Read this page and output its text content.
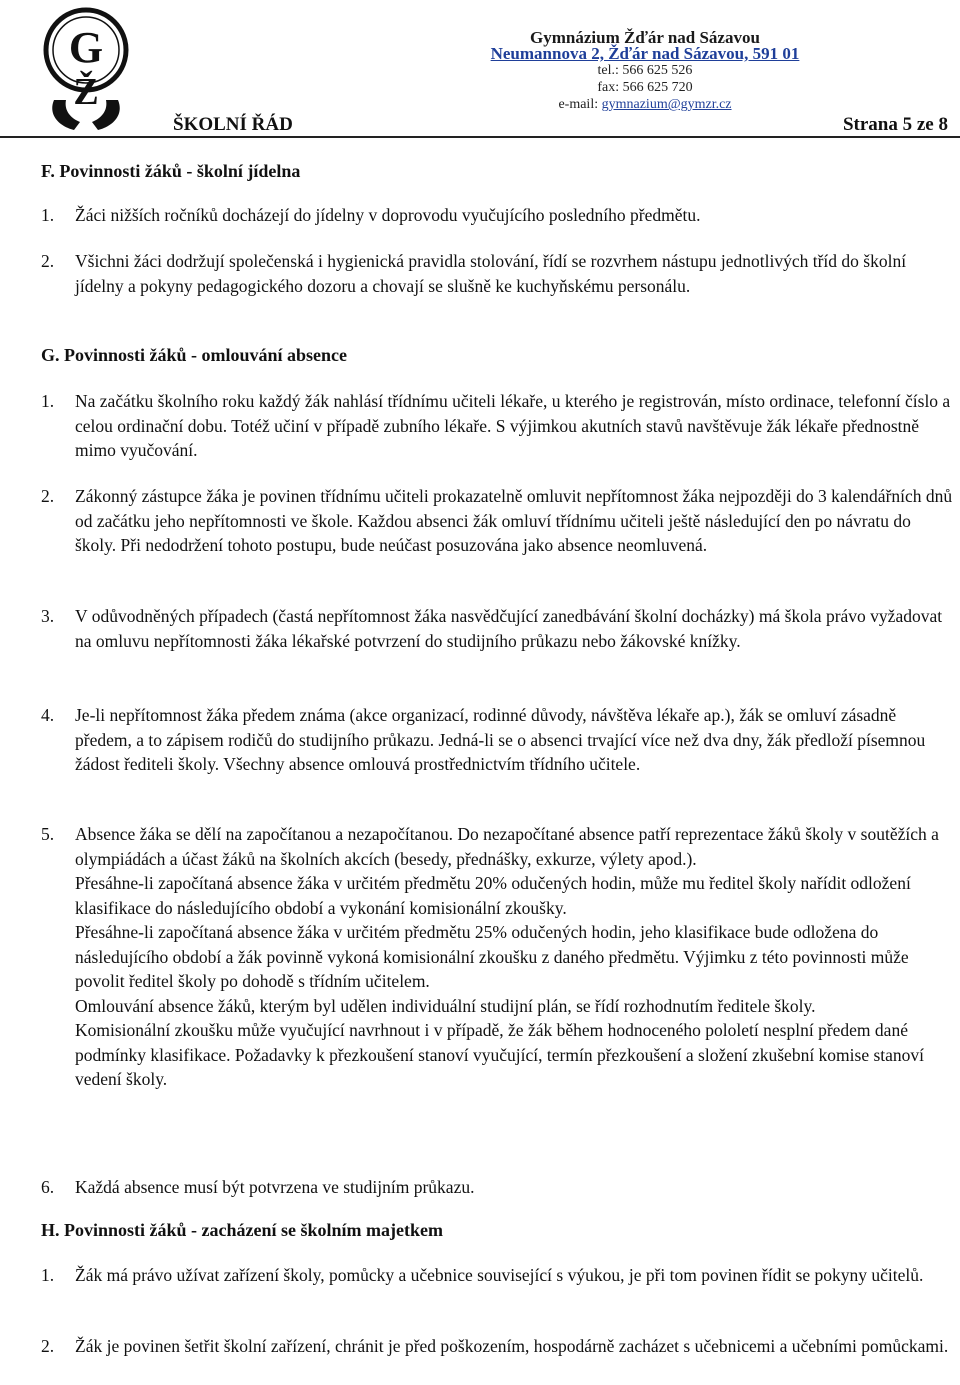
G
Ž
Gymnázium Žďár nad Sázavou
Neumannova 2, Žďár nad Sázavou, 591 01
tel.: 566 625 526
fax: 566 625 720
e-mail: gymnazium@gymzr.cz
ŠKOLNÍ ŘÁD	Strana 5 ze 8
F. Povinnosti žáků - školní jídelna
1. Žáci nižších ročníků docházejí do jídelny v doprovodu vyučujícího posledního předmětu.
2. Všichni žáci dodržují společenská i hygienická pravidla stolování, řídí se rozvrhem nástupu jednotlivých tříd do školní jídelny a pokyny pedagogického dozoru a chovají se slušně ke kuchyňskému personálu.
G. Povinnosti žáků - omlouvání absence
1. Na začátku školního roku každý žák nahlásí třídnímu učiteli lékaře, u kterého je registrován, místo ordinace, telefonní číslo a celou ordinační dobu. Totéž učiní v případě zubního lékaře. S výjimkou akutních stavů navštěvuje žák lékaře přednostně mimo vyučování.
2. Zákonný zástupce žáka je povinen třídnímu učiteli prokazatelně omluvit nepřítomnost žáka nejpozději do 3 kalendářních dnů od začátku jeho nepřítomnosti ve škole. Každou absenci žák omluví třídnímu učiteli ještě následující den po návratu do školy. Při nedodržení tohoto postupu, bude neúčast posuzována jako absence neomluvená.
3. V odůvodněných případech (častá nepřítomnost žáka nasvědčující zanedbávání školní docházky) má škola právo vyžadovat na omluvu nepřítomnosti žáka lékařské potvrzení do studijního průkazu nebo žákovské knížky.
4. Je-li nepřítomnost žáka předem známa (akce organizací, rodinné důvody, návštěva lékaře ap.), žák se omluví zásadně předem, a to zápisem rodičů do studijního průkazu. Jedná-li se o absenci trvající více než dva dny, žák předloží písemnou žádost řediteli školy. Všechny absence omlouvá prostřednictvím třídního učitele.
5. Absence žáka se dělí na započítanou a nezapočítanou. Do nezapočítané absence patří reprezentace žáků školy v soutěžích a olympiádách a účast žáků na školních akcích (besedy, přednášky, exkurze, výlety apod.).

Přesáhne-li započítaná absence žáka v určitém předmětu 20% odučených hodin, může mu ředitel školy nařídit odložení klasifikace do následujícího období a vykonání komisionální zkoušky.

Přesáhne-li započítaná absence žáka v určitém předmětu 25% odučených hodin, jeho klasifikace bude odložena do následujícího období a žák povinně vykoná komisionální zkoušku z daného předmětu. Výjimku z této povinnosti může povolit ředitel školy po dohodě s třídním učitelem.

Omlouvání absence žáků, kterým byl udělen individuální studijní plán, se řídí rozhodnutím ředitele školy.

Komisionální zkoušku může vyučující navrhnout i v případě, že žák během hodnoceného pololetí nesplní předem dané podmínky klasifikace. Požadavky k přezkoušení stanoví vyučující, termín přezkoušení a složení zkušební komise stanoví vedení školy.

6. Každá absence musí být potvrzena ve studijním průkazu.
H. Povinnosti žáků - zacházení se školním majetkem
1. Žák má právo užívat zařízení školy, pomůcky a učebnice související s výukou, je při tom povinen řídit se pokyny učitelů.
2. Žák je povinen šetřit školní zařízení, chránit je před poškozením, hospodárně zacházet s učebnicemi a učebními pomůckami.
